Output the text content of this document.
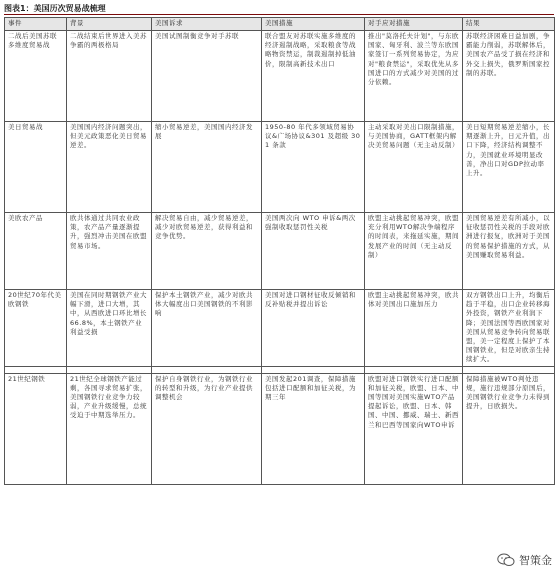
图表1：美国历次贸易战梳理
事件	背景	美国诉求	美国措施	对手应对措施	结果
二战后美国苏联多维度贸易战	二战结束后世界进入美苏争霸的两极格局	美国试图制衡竞争对手苏联	联合盟友对苏联实施多维度的经济遏制战略，采取粮食等战略物资禁运，制裁遏制掉低油价，限制高新技术出口	推出"莫洛托夫计划"，与东欧国家、匈牙利、波兰等东欧国家签订一系列贸易协定，为应对"粮食禁运"，采取优先从多国进口的方式减少对美国的过分依赖。	苏联经济困难日益加剧，争霸能力削弱，苏联解体后，美国农产品受了损在经济和外交上损失，俄罗斯国家控制的苏联。
美日贸易战	美国国内经济问题突出，但美元政策恶化美日贸易逆差。	缩小贸易逆差，美国国内经济发展	1950-80 年代多领域贸易协议&广场协议&301 及超级 301 条款	主动采取对美出口限制措施，与美国协商，GATT框架内解决美贸易问题（无主动反制）	美日短期贸易逆差缩小，长期逐渐上升，日元升值，出口下降，经济结构调整不力，美国就业环境明显改善，净出口对GDP拉动率上升。
美欧农产品	欧共体通过共同农业政策，农产品产量逐渐提升，强烈冲击美国在欧盟贸易市场。	解决贸易自由，减少贸易逆差，减少对欧贸易逆差，获得利益和竞争优势。	美国两次向 WTO 申诉&两次强制收取惩罚性关税	欧盟主动挑起贸易冲突，欧盟充分利用WTO解决争端程序的时间表，来拖延实施，期间发展产业的时间（无主动反制）	美国贸易逆差有所减小，以征收惩罚性关税的手段对欧洲进行报复，欧洲对于美国的贸易保护措施的方式，从美国赚取贸易利益。
20世纪70年代美欧钢铁	美国在同时期钢铁产业大幅下滑，进口大增，其中，从西欧进口环比增长66.8%，本土钢铁产业利益受损	保护本土钢铁产业，减少对欧共体大幅度出口美国钢铁的不利影响	美国对进口钢材征收反倾销和反补贴税并提出诉讼	欧盟主动挑起贸易冲突，欧共体对美国出口施加压力	双方钢铁出口上升，均衡后趋于平稳，出口企业转移海外投资，钢铁产业利润下降；美国法国等西欧国家对美国从贸易竞争转向贸易联盟，美一定程度上保护了本国钢铁业，但是对欧亲生持续扩大。

21世纪钢铁	21世纪全球钢铁产能过剩，各国寻求贸易扩张，美国钢铁行业竞争力较弱，产业升级缓慢，总统受迫于中期选举压力。	保护自身钢铁行业，为钢铁行业的转型和升级，为行业产业提供调整机会	美国发起201调查，保障措施包括进口配额和加征关税，为期三年	欧盟对进口钢铁实行进口配额和加征关税，欧盟、日本、中国等国对美国实施WTO产品提起诉讼，欧盟、日本、韩国、中国、挪威、瑞士、新西兰和巴西等国家向WTO申诉	保障措施被WTO判处违规，施行违规部分原国后，美国钢铁行业竞争力未得到提升，日欧损失。
智策金
